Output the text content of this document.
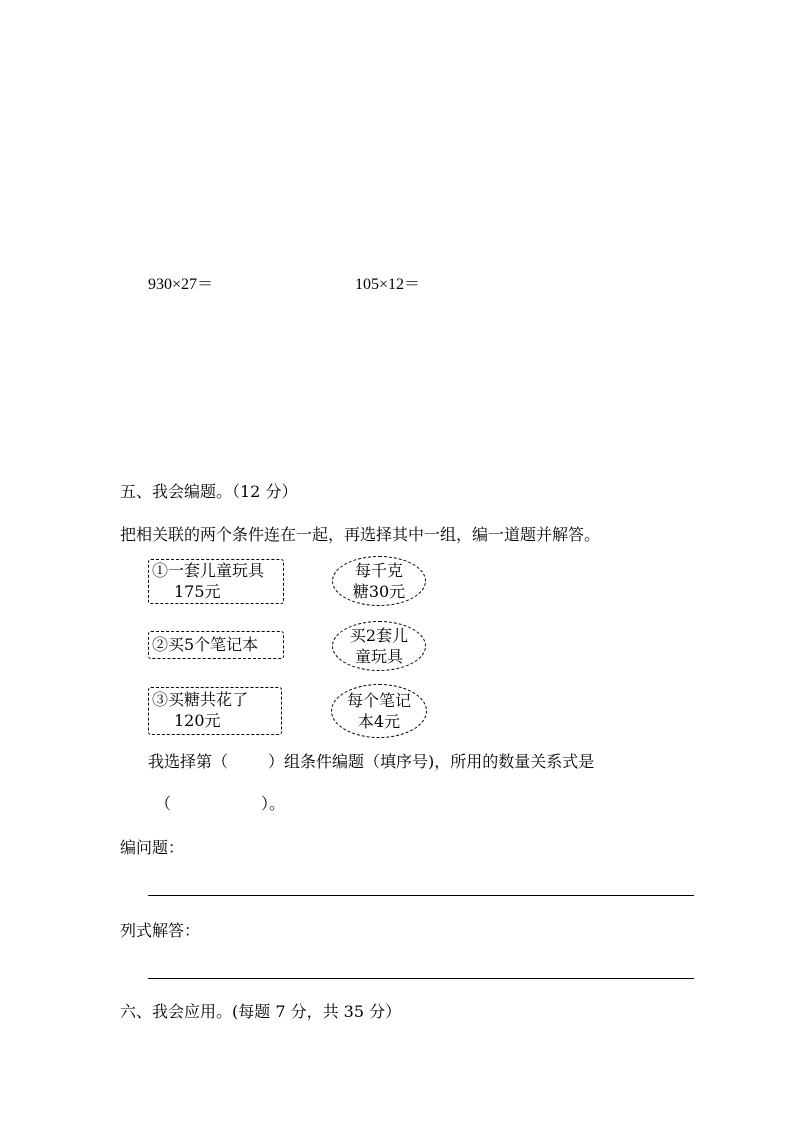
930×27＝	105×12＝
五、我会编题。（12 分）
把相关联的两个条件连在一起，再选择其中一组，编一道题并解答。
①一套儿童玩具
175元
②买5个笔记本
③买糖共花了
120元
每千克
糖30元
买2套儿
童玩具
每个笔记
本4元
我选择第（	）组条件编题（填序号)，所用的数量关系式是
（	）。
编问题：
列式解答：
六、我会应用。(每题 7 分，共 35 分）
